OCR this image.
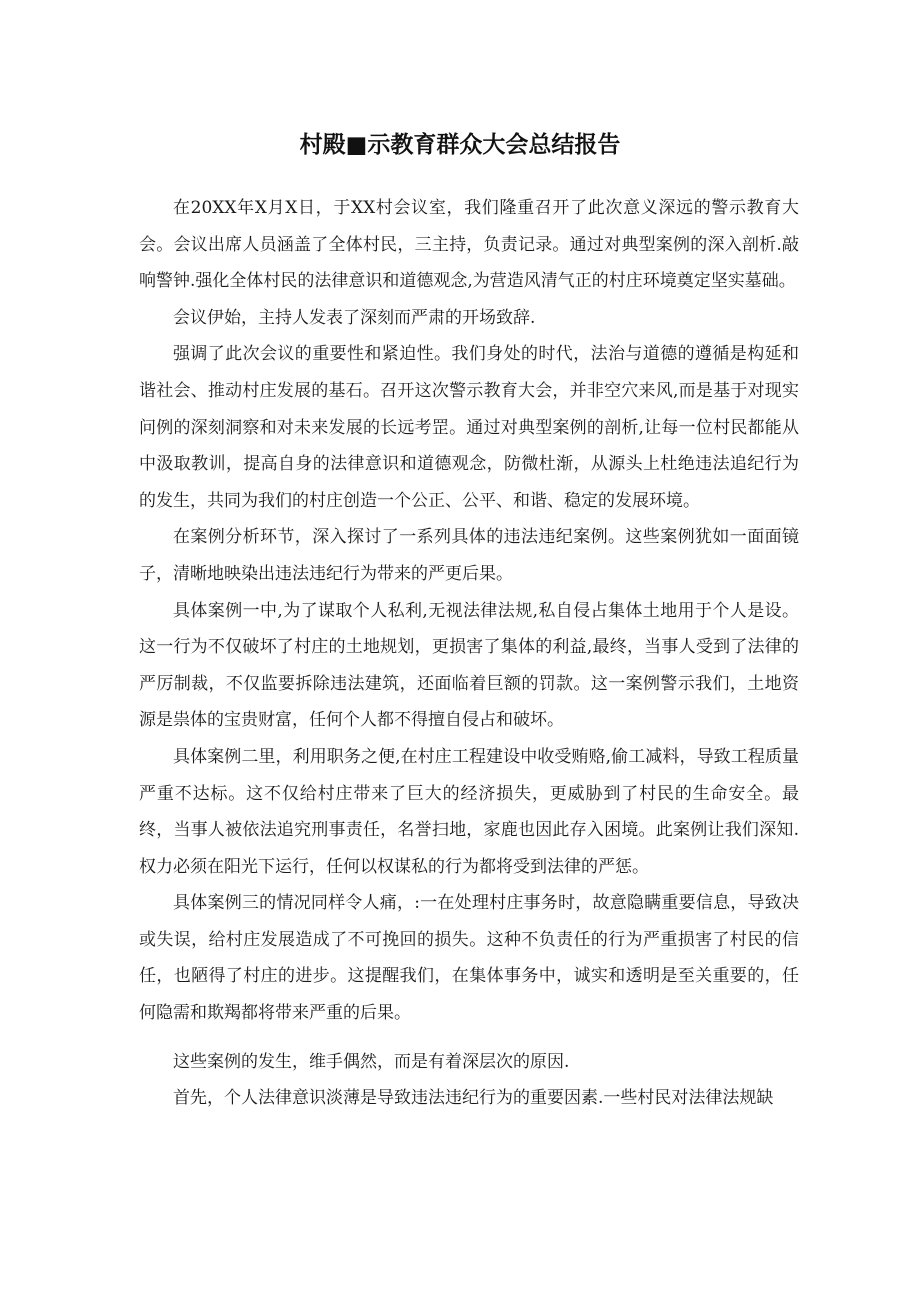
村殿■示教育群众大会总结报告

在20XX年X月X日，于XX村会议室，我们隆重召开了此次意义深远的警示教育大会。会议出席人员涵盖了全体村民，三主持，负责记录。通过对典型案例的深入剖析.敲响警钟.强化全体村民的法律意识和道德观念,为营造风清气正的村庄环境奠定坚实墓础。

会议伊始，主持人发表了深刻而严肃的开场致辞.

强调了此次会议的重要性和紧迫性。我们身处的时代，法治与道德的遵循是构延和谐社会、推动村庄发展的基石。召开这次警示教育大会，并非空穴来风,而是基于对现实问例的深刻洞察和对未来发展的长远考罡。通过对典型案例的剖析,让每一位村民都能从中汲取教训，提高自身的法律意识和道德观念，防微杜渐，从源头上杜绝违法追纪行为的发生，共同为我们的村庄创造一个公正、公平、和谐、稳定的发展环境。

在案例分析环节，深入探讨了一系列具体的违法违纪案例。这些案例犹如一面面镜子，清晰地映染出违法违纪行为带来的严更后果。

具体案例一中,为了谋取个人私利,无视法律法规,私自侵占集体土地用于个人是设。这一行为不仅破坏了村庄的土地规划，更损害了集体的利益,最终，当事人受到了法律的严厉制裁，不仅监要拆除违法建筑，还面临着巨额的罚款。这一案例警示我们，土地资源是祟体的宝贵财富，任何个人都不得擅自侵占和破坏。

具体案例二里，利用职务之便,在村庄工程建设中收受贿赂,偷工减料，导致工程质量严重不达标。这不仅给村庄带来了巨大的经济损失，更威胁到了村民的生命安全。最终，当事人被依法追究刑事责任，名誉扫地，家鹿也因此存入困境。此案例让我们深知.权力必须在阳光下运行，任何以权谋私的行为都将受到法律的严惩。

具体案例三的情况同样令人痛，:一在处理村庄事务时，故意隐瞒重要信息，导致决或失误，给村庄发展造成了不可挽回的损失。这种不负责任的行为严重损害了村民的信任，也陋得了村庄的进步。这提醒我们，在集体事务中，诚实和透明是至关重要的，任何隐需和欺羯都将带来严重的后果。

这些案例的发生，维手偶然，而是有着深层次的原因.

首先，个人法律意识淡薄是导致违法违纪行为的重要因素.一些村民对法律法规缺
